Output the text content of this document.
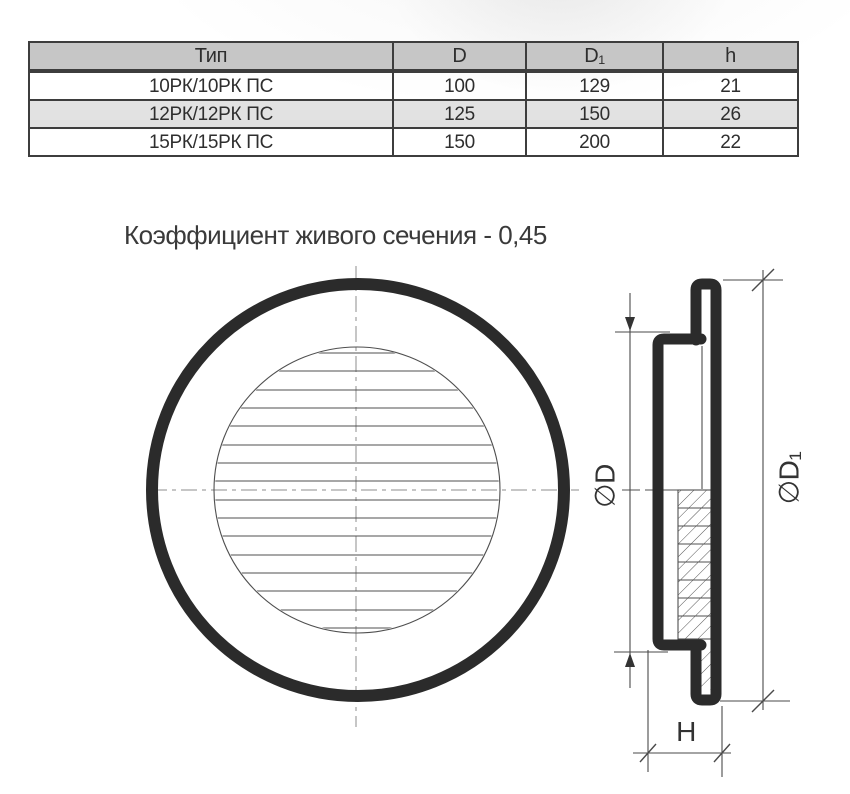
∅D	∅D₁
H
Тип	D	D₁	h
10РК/10РК ПС	100	129	21
12РК/12РК ПС	125	150	26
15РК/15РК ПС	150	200	22
Коэффициент живого сечения - 0,45
